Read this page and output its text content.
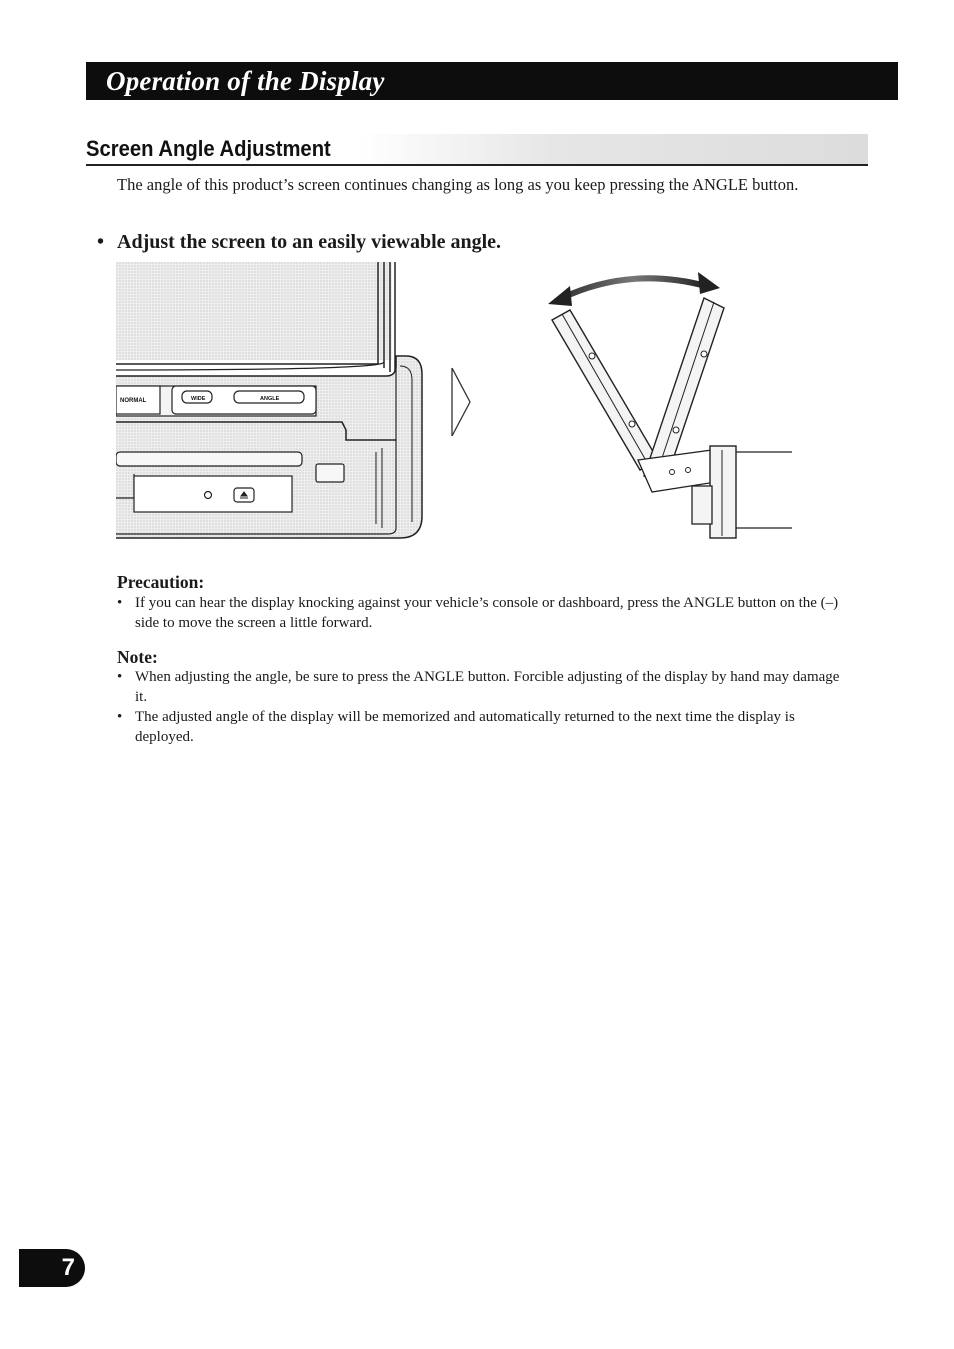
Operation of the Display
Screen Angle Adjustment
The angle of this product’s screen continues changing as long as you keep pressing the ANGLE button.
• Adjust the screen to an easily viewable angle.
NORMAL	WIDE	ANGLE
Precaution:
• If you can hear the display knocking against your vehicle’s console or dashboard, press the ANGLE button on the (–) side to move the screen a little forward.
Note:
• When adjusting the angle, be sure to press the ANGLE button. Forcible adjusting of the display by hand may damage it.
• The adjusted angle of the display will be memorized and automatically returned to the next time the display is deployed.
7
